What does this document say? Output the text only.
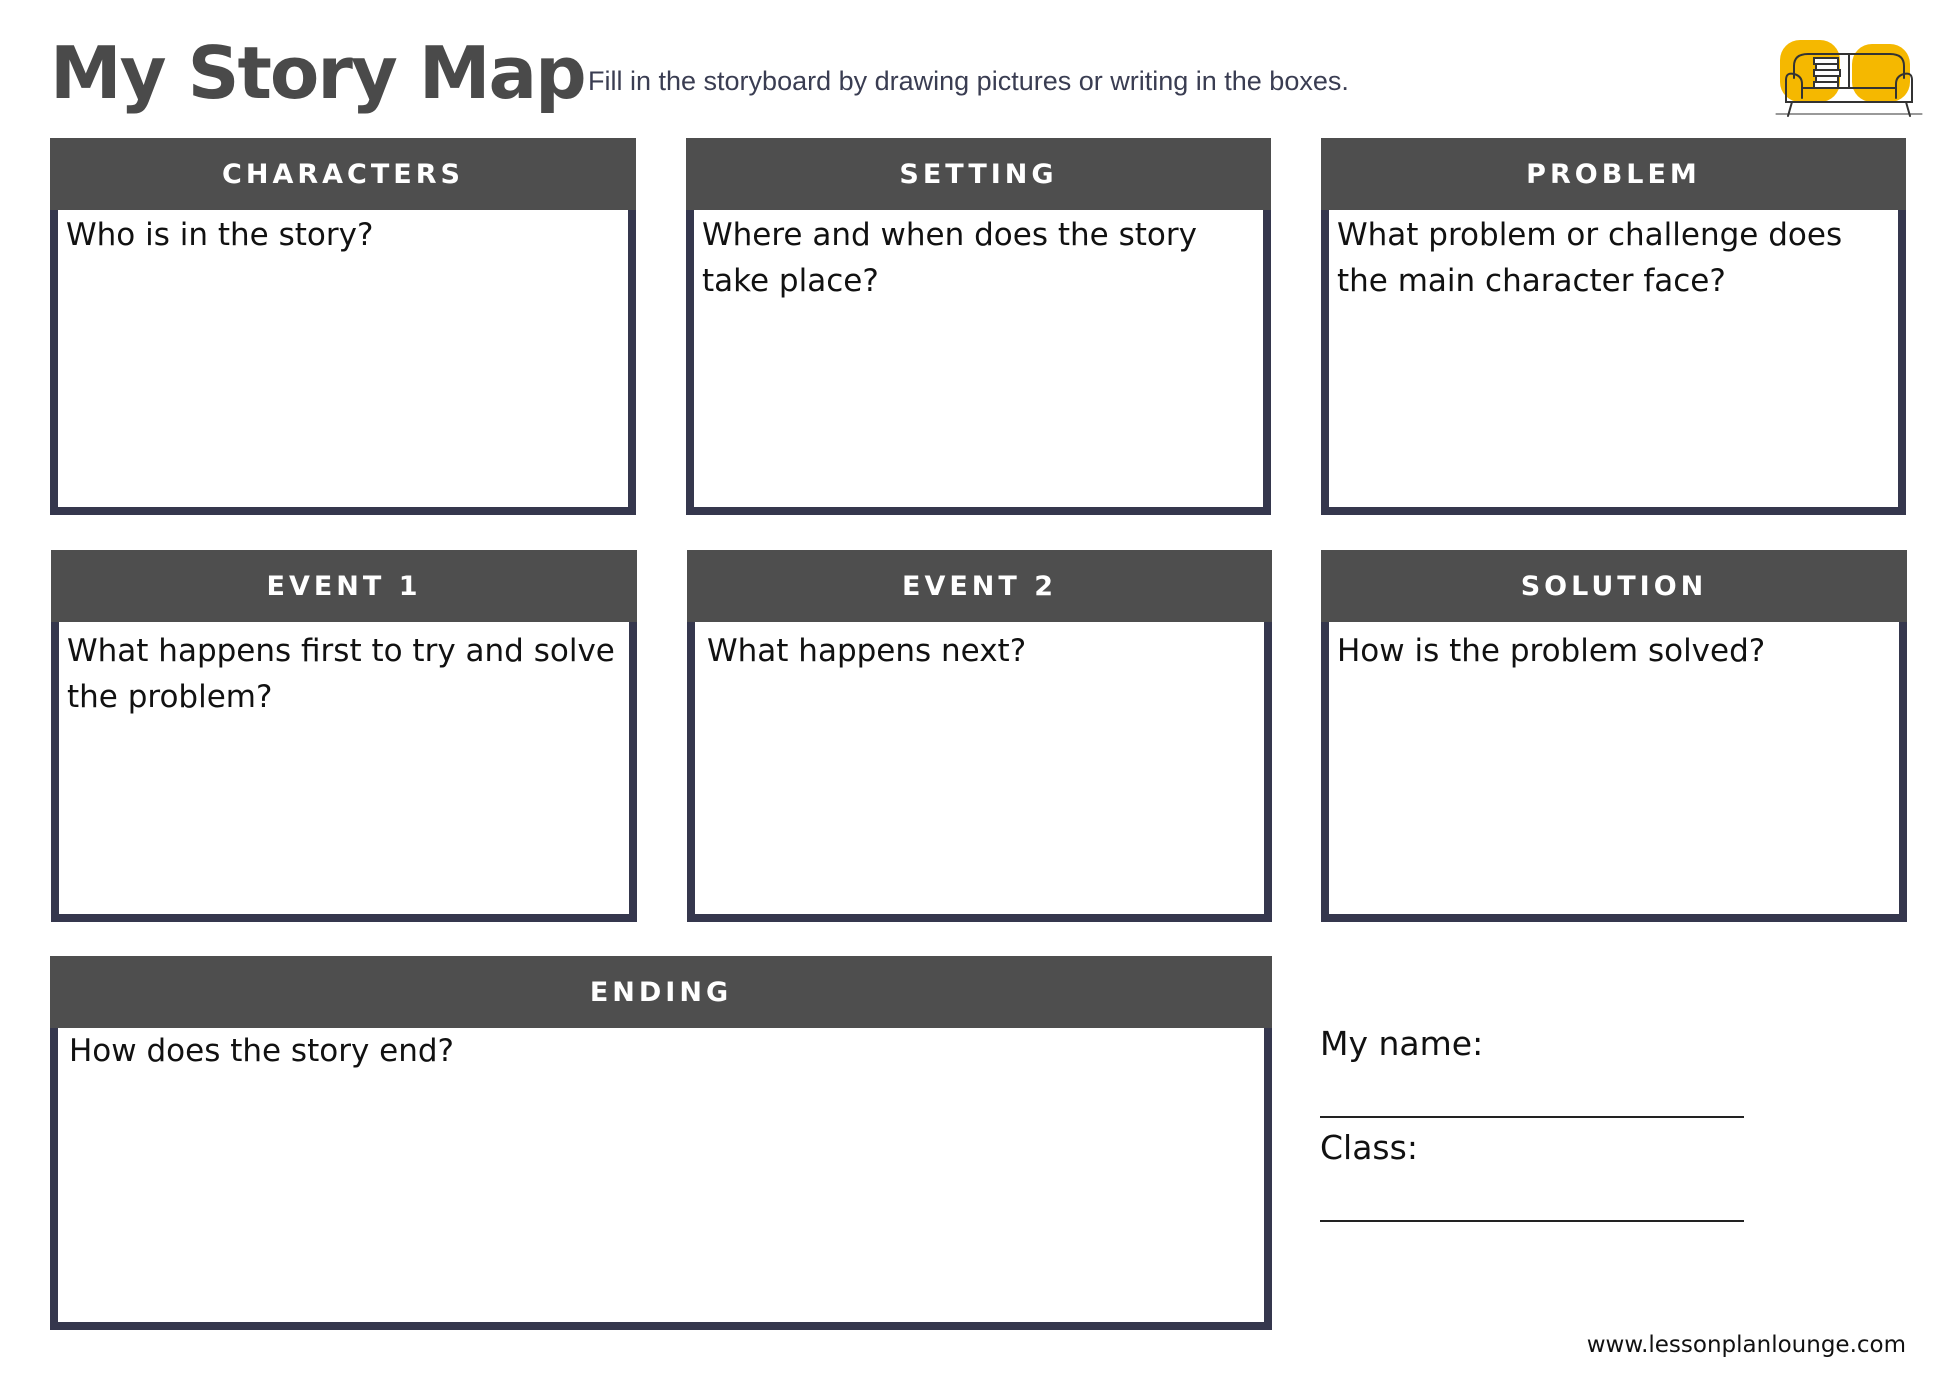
My Story Map Fill in the storyboard by drawing pictures or writing in the boxes.
CHARACTERS
Who is in the story?
SETTING
Where and when does the story take place?
PROBLEM
What problem or challenge does the main character face?
EVENT 1
What happens first to try and solve the problem?
EVENT 2
What happens next?
SOLUTION
How is the problem solved?
ENDING
How does the story end?	My name:
Class:
www.lessonplanlounge.com
